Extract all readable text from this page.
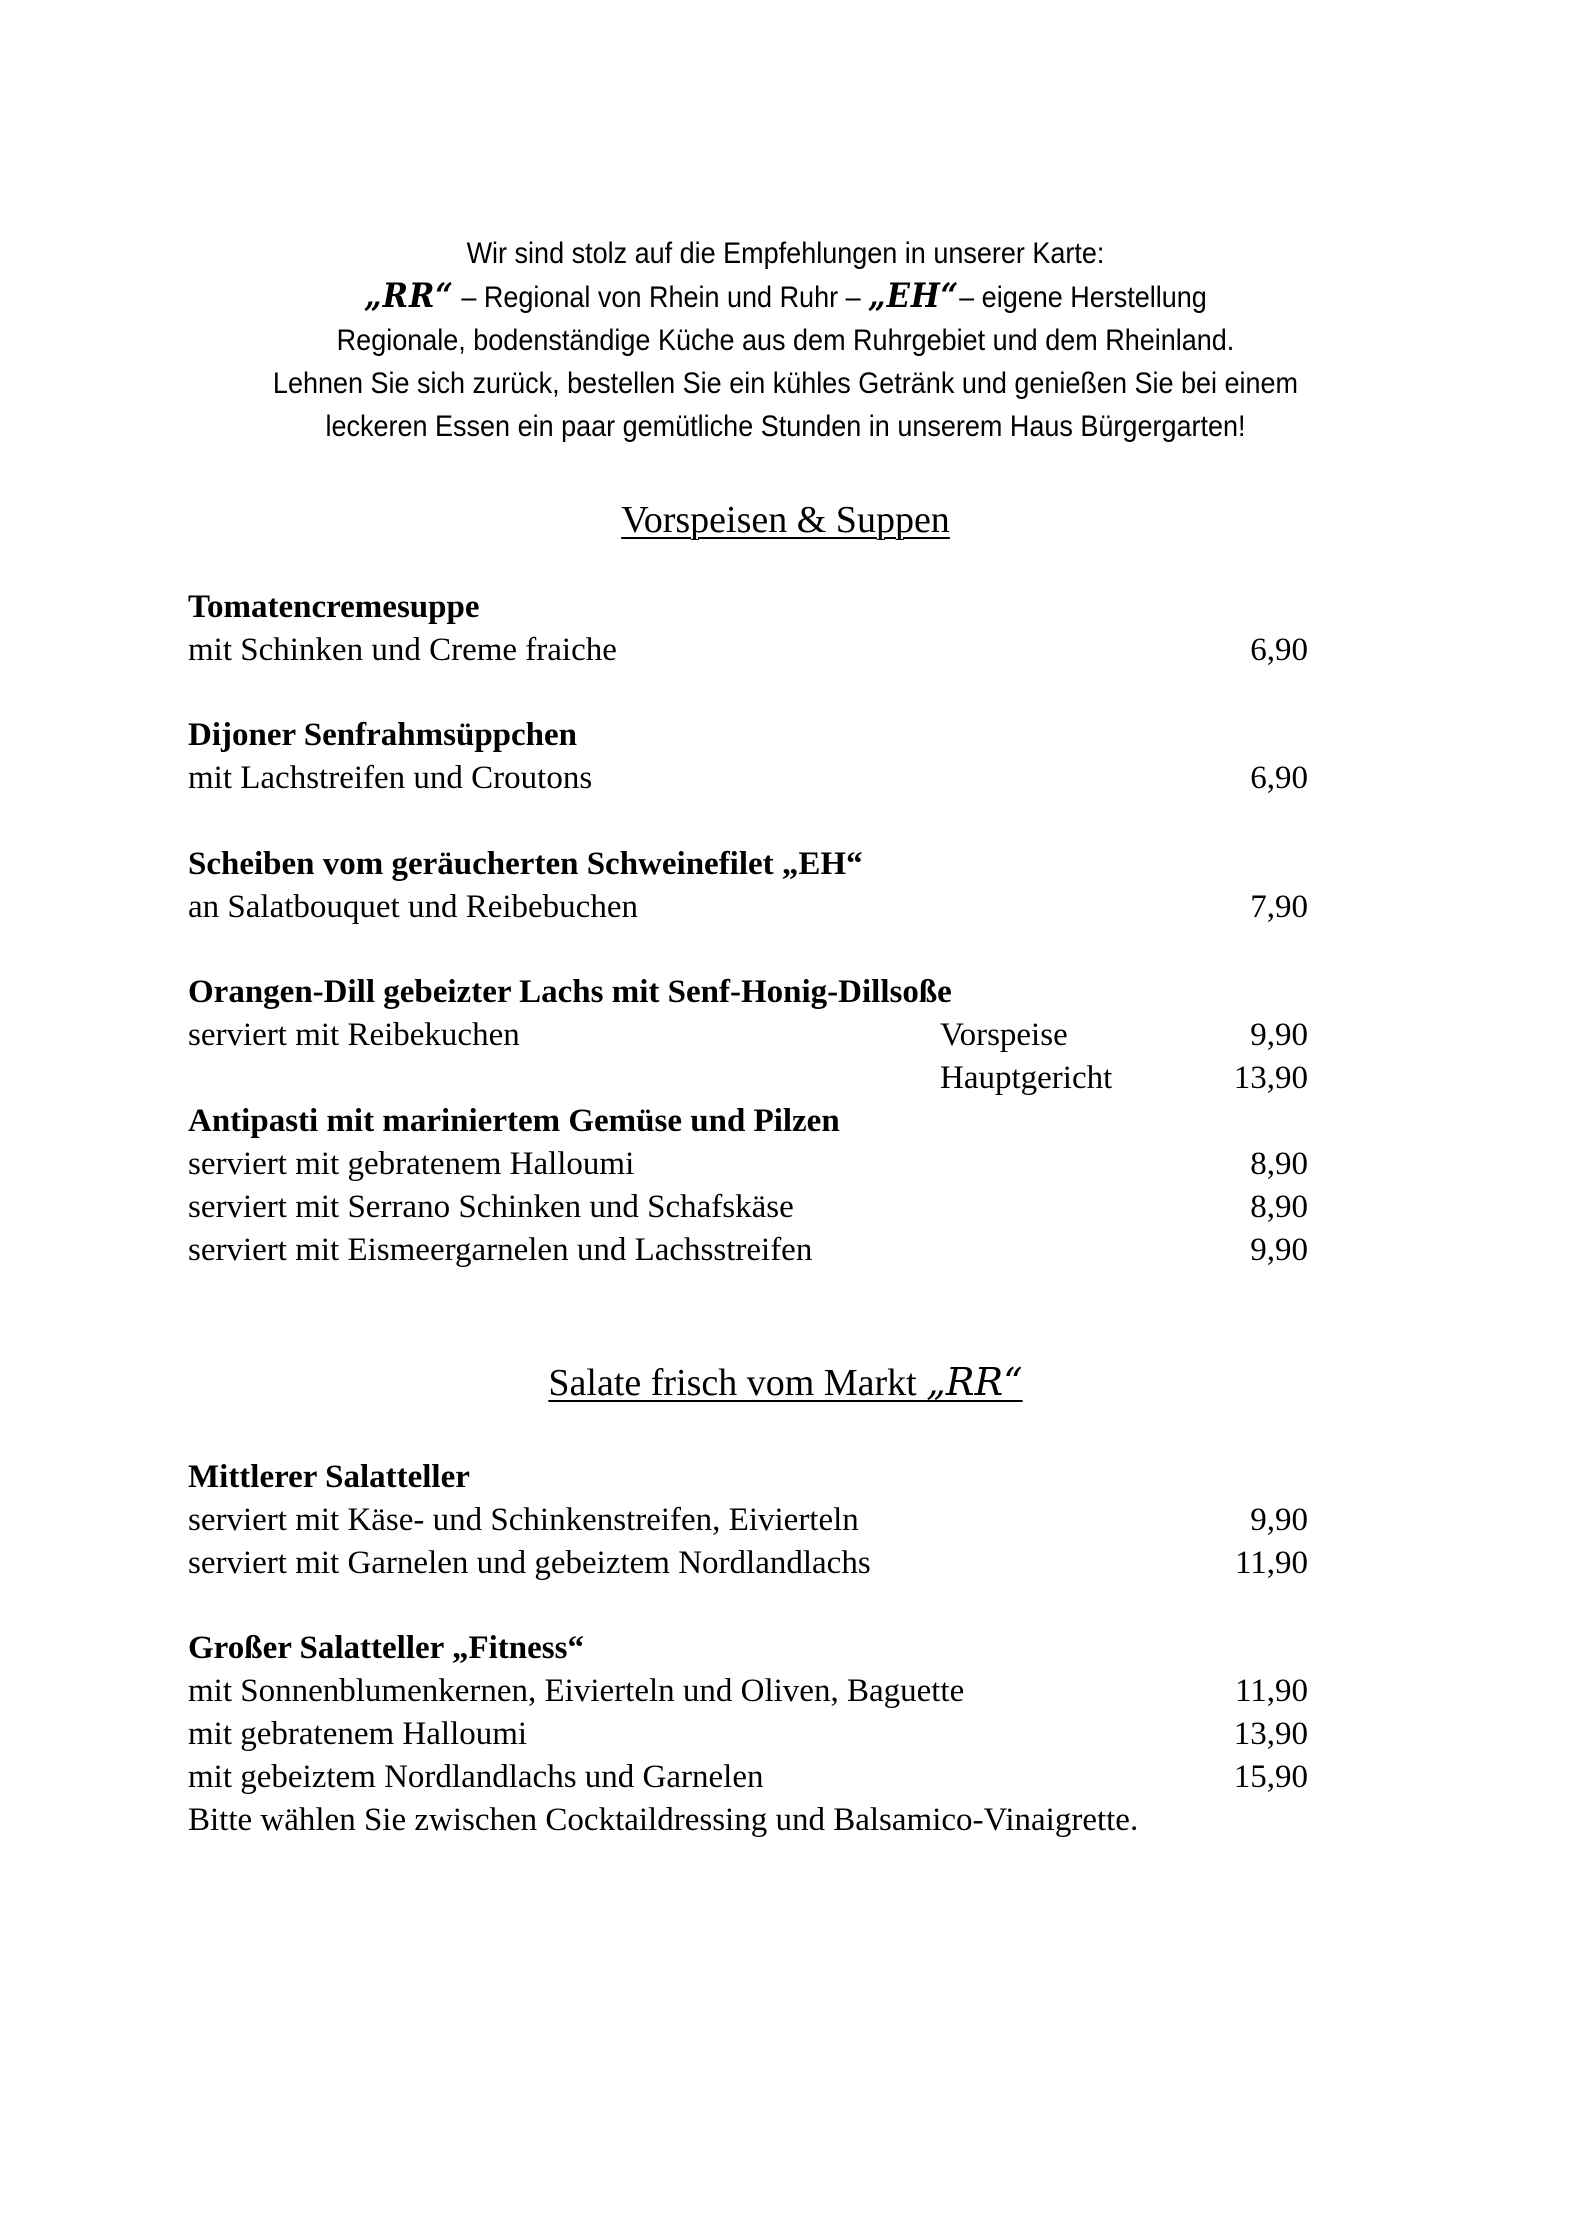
Wir sind stolz auf die Empfehlungen in unserer Karte:
„RR“ – Regional von Rhein und Ruhr – „EH“– eigene Herstellung
Regionale, bodenständige Küche aus dem Ruhrgebiet und dem Rheinland.
Lehnen Sie sich zurück, bestellen Sie ein kühles Getränk und genießen Sie bei einem
leckeren Essen ein paar gemütliche Stunden in unserem Haus Bürgergarten!
Vorspeisen & Suppen
Tomatencremesuppe
mit Schinken und Creme fraiche	6,90
Dijoner Senfrahmsüppchen
mit Lachstreifen und Croutons	6,90
Scheiben vom geräucherten Schweinefilet „EH“
an Salatbouquet und Reibebuchen	7,90
Orangen-Dill gebeizter Lachs mit Senf-Honig-Dillsoße
serviert mit Reibekuchen	Vorspeise	9,90
Hauptgericht	13,90
Antipasti mit mariniertem Gemüse und Pilzen
serviert mit gebratenem Halloumi	8,90
serviert mit Serrano Schinken und Schafskäse	8,90
serviert mit Eismeergarnelen und Lachsstreifen	9,90
Salate frisch vom Markt „RR“
Mittlerer Salatteller
serviert mit Käse- und Schinkenstreifen, Eivierteln	9,90
serviert mit Garnelen und gebeiztem Nordlandlachs	11,90
Großer Salatteller „Fitness“
mit Sonnenblumenkernen, Eivierteln und Oliven, Baguette	11,90
mit gebratenem Halloumi	13,90
mit gebeiztem Nordlandlachs und Garnelen	15,90
Bitte wählen Sie zwischen Cocktaildressing und Balsamico-Vinaigrette.
